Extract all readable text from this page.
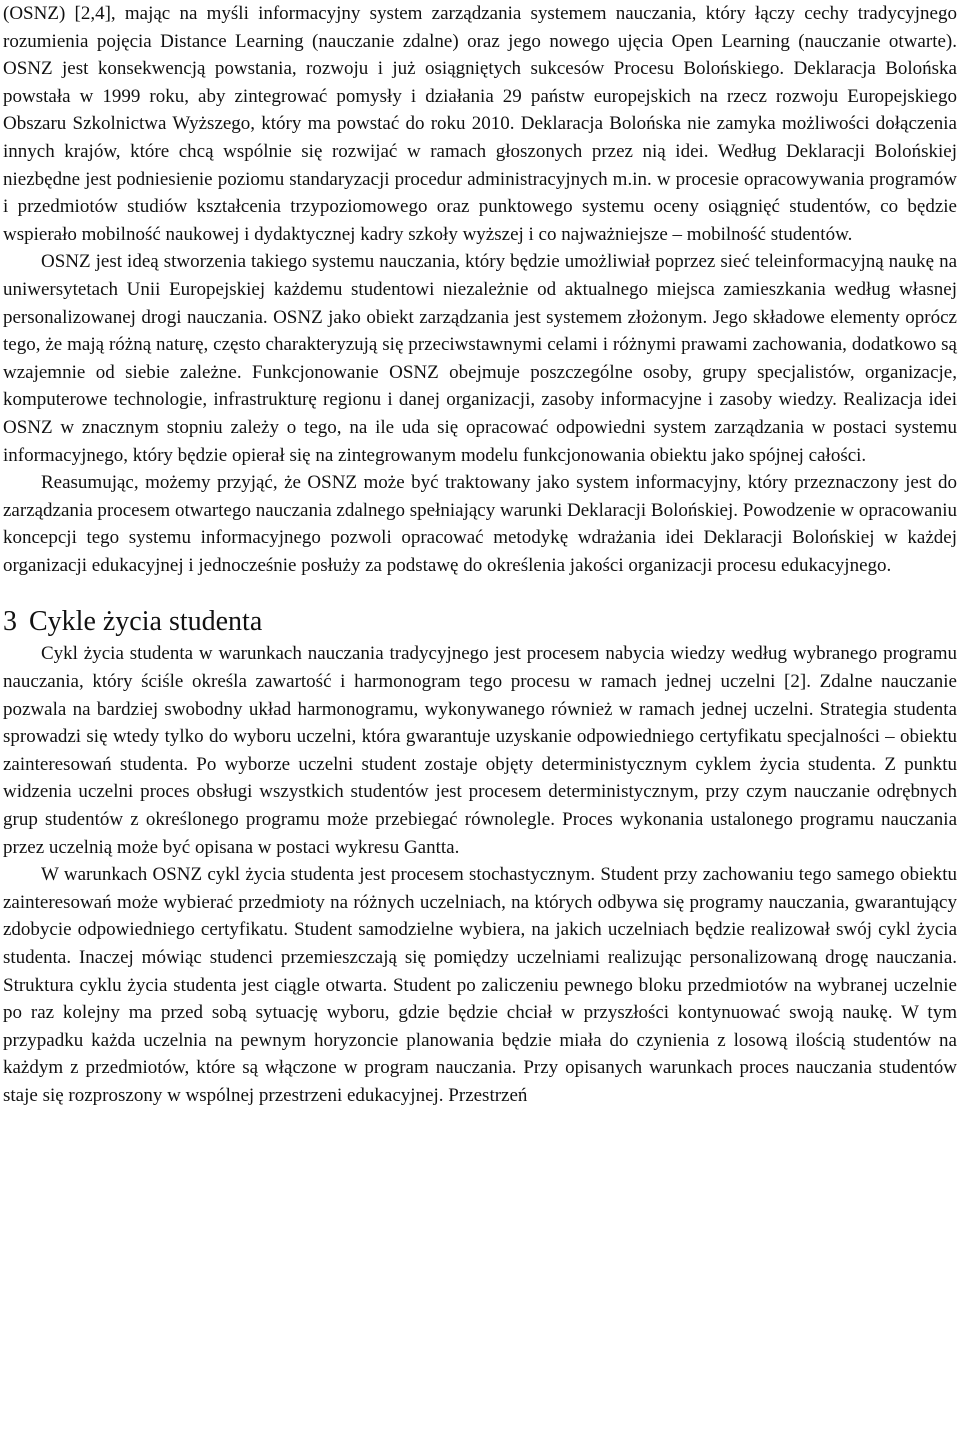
(OSNZ) [2,4], mając na myśli informacyjny system zarządzania systemem nauczania, który łączy cechy tradycyjnego rozumienia pojęcia Distance Learning (nauczanie zdalne) oraz jego nowego ujęcia Open Learning (nauczanie otwarte). OSNZ jest konsekwencją powstania, rozwoju i już osiągniętych sukcesów Procesu Bolońskiego. Deklaracja Bolońska powstała w 1999 roku, aby zintegrować pomysły i działania 29 państw europejskich na rzecz rozwoju Europejskiego Obszaru Szkolnictwa Wyższego, który ma powstać do roku 2010. Deklaracja Bolońska nie zamyka możliwości dołączenia innych krajów, które chcą wspólnie się rozwijać w ramach głoszonych przez nią idei. Według Deklaracji Bolońskiej niezbędne jest podniesienie poziomu standaryzacji procedur administracyjnych m.in. w procesie opracowywania programów i przedmiotów studiów kształcenia trzypoziomowego oraz punktowego systemu oceny osiągnięć studentów, co będzie wspierało mobilność naukowej i dydaktycznej kadry szkoły wyższej i co najważniejsze – mobilność studentów.

OSNZ jest ideą stworzenia takiego systemu nauczania, który będzie umożliwiał poprzez sieć teleinformacyjną naukę na uniwersytetach Unii Europejskiej każdemu studentowi niezależnie od aktualnego miejsca zamieszkania według własnej personalizowanej drogi nauczania. OSNZ jako obiekt zarządzania jest systemem złożonym. Jego składowe elementy oprócz tego, że mają różną naturę, często charakteryzują się przeciwstawnymi celami i różnymi prawami zachowania, dodatkowo są wzajemnie od siebie zależne. Funkcjonowanie OSNZ obejmuje poszczególne osoby, grupy specjalistów, organizacje, komputerowe technologie, infrastrukturę regionu i danej organizacji, zasoby informacyjne i zasoby wiedzy. Realizacja idei OSNZ w znacznym stopniu zależy o tego, na ile uda się opracować odpowiedni system zarządzania w postaci systemu informacyjnego, który będzie opierał się na zintegrowanym modelu funkcjonowania obiektu jako spójnej całości.

Reasumując, możemy przyjąć, że OSNZ może być traktowany jako system informacyjny, który przeznaczony jest do zarządzania procesem otwartego nauczania zdalnego spełniający warunki Deklaracji Bolońskiej. Powodzenie w opracowaniu koncepcji tego systemu informacyjnego pozwoli opracować metodykę wdrażania idei Deklaracji Bolońskiej w każdej organizacji edukacyjnej i jednocześnie posłuży za podstawę do określenia jakości organizacji procesu edukacyjnego.

3 Cykle życia studenta

Cykl życia studenta w warunkach nauczania tradycyjnego jest procesem nabycia wiedzy według wybranego programu nauczania, który ściśle określa zawartość i harmonogram tego procesu w ramach jednej uczelni [2]. Zdalne nauczanie pozwala na bardziej swobodny układ harmonogramu, wykonywanego również w ramach jednej uczelni. Strategia studenta sprowadzi się wtedy tylko do wyboru uczelni, która gwarantuje uzyskanie odpowiedniego certyfikatu specjalności – obiektu zainteresowań studenta. Po wyborze uczelni student zostaje objęty deterministycznym cyklem życia studenta. Z punktu widzenia uczelni proces obsługi wszystkich studentów jest procesem deterministycznym, przy czym nauczanie odrębnych grup studentów z określonego programu może przebiegać równolegle. Proces wykonania ustalonego programu nauczania przez uczelnią może być opisana w postaci wykresu Gantta.

W warunkach OSNZ cykl życia studenta jest procesem stochastycznym. Student przy zachowaniu tego samego obiektu zainteresowań może wybierać przedmioty na różnych uczelniach, na których odbywa się programy nauczania, gwarantujący zdobycie odpowiedniego certyfikatu. Student samodzielne wybiera, na jakich uczelniach będzie realizował swój cykl życia studenta. Inaczej mówiąc studenci przemieszczają się pomiędzy uczelniami realizując personalizowaną drogę nauczania. Struktura cyklu życia studenta jest ciągle otwarta. Student po zaliczeniu pewnego bloku przedmiotów na wybranej uczelnie po raz kolejny ma przed sobą sytuację wyboru, gdzie będzie chciał w przyszłości kontynuować swoją naukę. W tym przypadku każda uczelnia na pewnym horyzoncie planowania będzie miała do czynienia z losową ilością studentów na każdym z przedmiotów, które są włączone w program nauczania. Przy opisanych warunkach proces nauczania studentów staje się rozproszony w wspólnej przestrzeni edukacyjnej. Przestrzeń
